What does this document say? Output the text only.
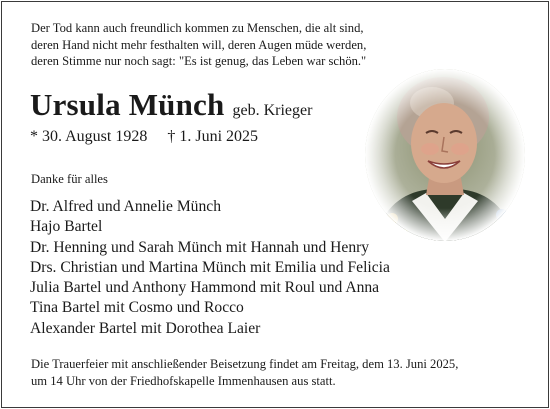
Der Tod kann auch freundlich kommen zu Menschen, die alt sind,
deren Hand nicht mehr festhalten will, deren Augen müde werden,
deren Stimme nur noch sagt: "Es ist genug, das Leben war schön."
Ursula Münch geb. Krieger
* 30. August 1928 † 1. Juni 2025
Danke für alles
Dr. Alfred und Annelie Münch
Hajo Bartel
Dr. Henning und Sarah Münch mit Hannah und Henry
Drs. Christian und Martina Münch mit Emilia und Felicia
Julia Bartel und Anthony Hammond mit Roul und Anna
Tina Bartel mit Cosmo und Rocco
Alexander Bartel mit Dorothea Laier
Die Trauerfeier mit anschließender Beisetzung findet am Freitag, dem 13. Juni 2025,
um 14 Uhr von der Friedhofskapelle Immenhausen aus statt.
